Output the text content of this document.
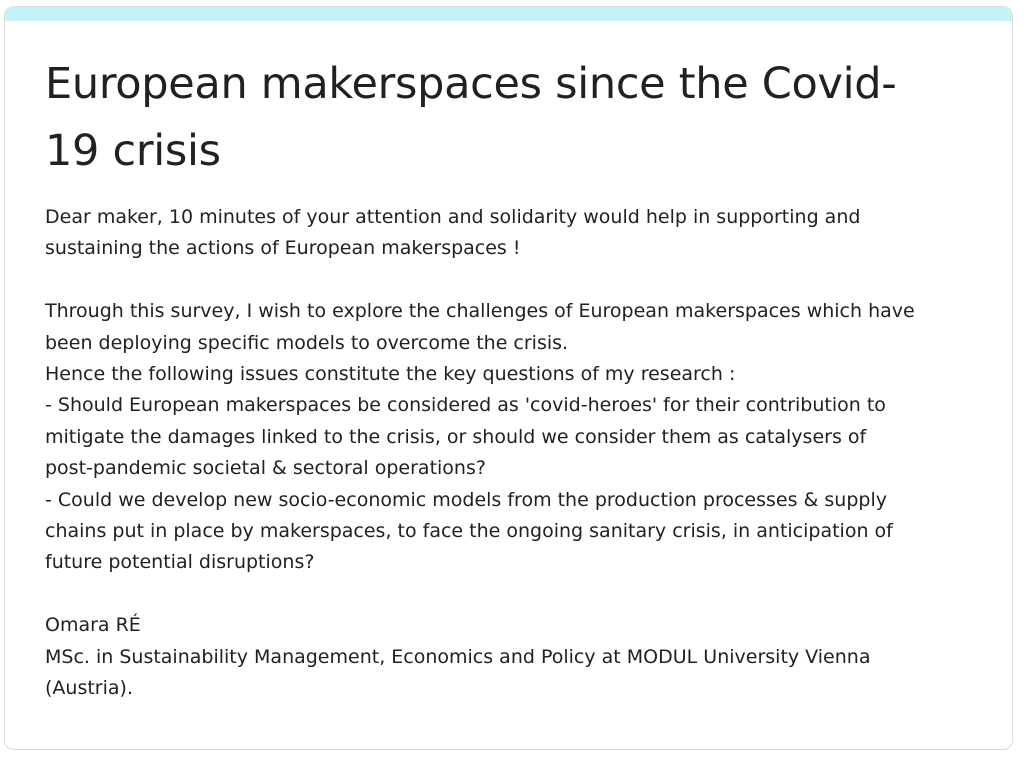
European makerspaces since the Covid-
19 crisis

Dear maker, 10 minutes of your attention and solidarity would help in supporting and

sustaining the actions of European makerspaces !

Through this survey, I wish to explore the challenges of European makerspaces which have

been deploying specific models to overcome the crisis.

Hence the following issues constitute the key questions of my research :

- Should European makerspaces be considered as 'covid-heroes' for their contribution to

mitigate the damages linked to the crisis, or should we consider them as catalysers of

post-pandemic societal & sectoral operations?

- Could we develop new socio-economic models from the production processes & supply

chains put in place by makerspaces, to face the ongoing sanitary crisis, in anticipation of

future potential disruptions?

Omara RÉ

MSc. in Sustainability Management, Economics and Policy at MODUL University Vienna

(Austria).
